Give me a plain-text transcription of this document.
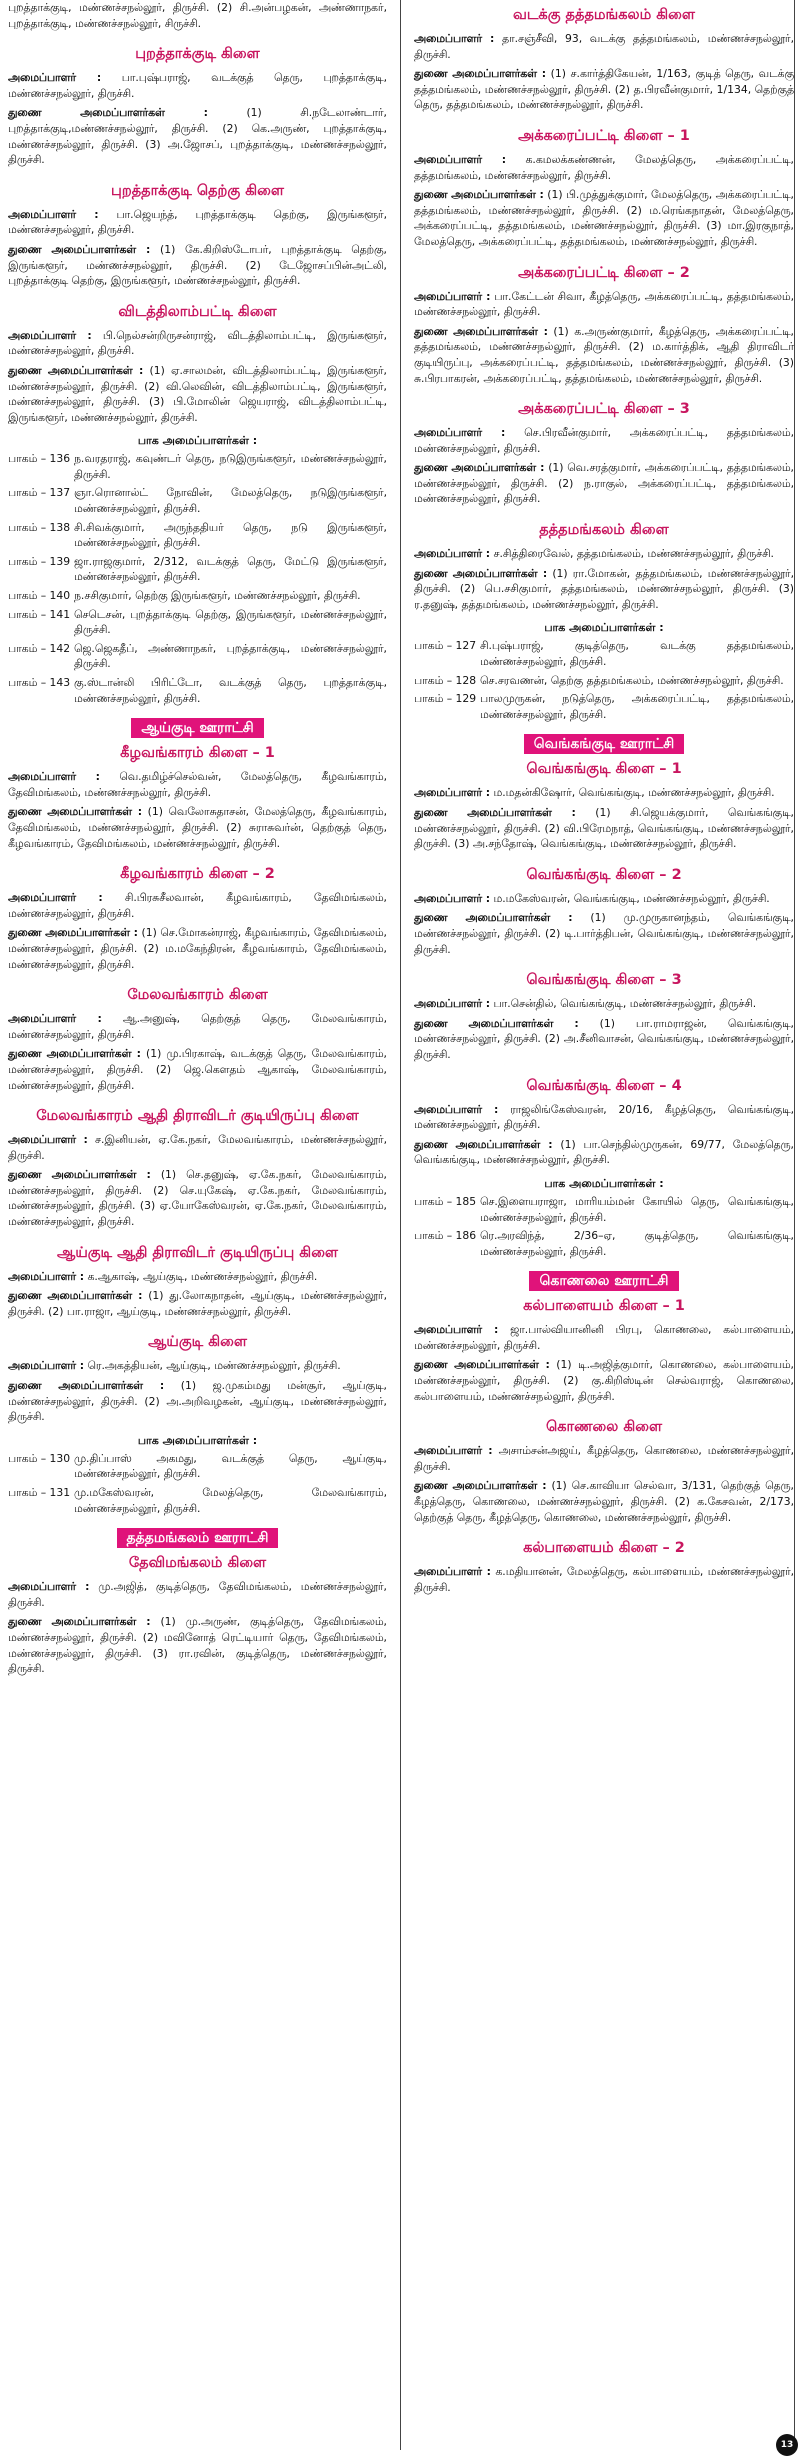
புறத்தாக்குடி, மண்ணச்சநல்லூர், திருச்சி. (2) சி.அன்பழகன், அண்ணாநகர், புறத்தாக்குடி, மண்ணச்சநல்லூர், சிருச்சி.

புறத்தாக்குடி கிளை

அமைப்பாளர் : பா.புஷ்பராஜ், வடக்குத் தெரு, புறத்தாக்குடி, மண்ணச்சநல்லூர், திருச்சி.

துணை அமைப்பாளர்கள் :	(1) சி.நடேலாண்டார், புறத்தாக்குடி,மண்ணச்சநல்லூர், திருச்சி. (2) கெ.அருண், புறத்தாக்குடி, மண்ணச்சநல்லூர், திருச்சி. (3) அ.ஜோசப், புறத்தாக்குடி, மண்ணச்சநல்லூர், திருச்சி.

புறத்தாக்குடி தெற்கு கிளை

அமைப்பாளர் : பா.ஜெயந்த், புறத்தாக்குடி தெற்கு, இருங்களூர், மண்ணச்சநல்லூர், திருச்சி.

துணை அமைப்பாளர்கள் : (1) கே.கிறிஸ்டோபர், புறத்தாக்குடி தெற்கு, இருங்களூர், மண்ணச்சநல்லூர், திருச்சி. (2) டேஜோசப்பின்அட்லி, புறத்தாக்குடி தெற்கு, இருங்களூர், மண்ணச்சநல்லூர், திருச்சி.

விடத்திலாம்பட்டி கிளை

அமைப்பாளர் : பி.நெல்சன்றிருசன்ராஜ், விடத்திலாம்பட்டி, இருங்களூர், மண்ணச்சநல்லூர், திருச்சி.

துணை அமைப்பாளர்கள் : (1) ஏ.சாலமன், விடத்திலாம்பட்டி, இருங்களூர், மண்ணச்சநல்லூர், திருச்சி. (2) வி.லெவின், விடத்திலாம்பட்டி, இருங்களூர், மண்ணச்சநல்லூர், திருச்சி. (3) பி.மோலின் ஜெயராஜ், விடத்திலாம்பட்டி, இருங்களூர், மண்ணச்சநல்லூர், திருச்சி.

பாக அமைப்பாளர்கள் :
பாகம் – 136 ந.வரதராஜ், கவுண்டர் தெரு, நடுஇருங்களூர், மண்ணச்சநல்லூர், திருச்சி.
பாகம் – 137 ஞா.ரொனால்ட் நோவின், மேலத்தெரு, நடுஇருங்களூர், மண்ணச்சநல்லூர், திருச்சி.
பாகம் – 138 சி.சிவக்குமார், அருந்ததியர் தெரு, நடு இருங்களூர், மண்ணச்சநல்லூர், திருச்சி.
பாகம் – 139 ஜா.ராஜகுமார், 2/312, வடக்குத் தெரு, மேட்டு இருங்களூர், மண்ணச்சநல்லூர், திருச்சி.
பாகம் – 140 ந.சசிகுமார், தெற்கு இருங்களூர், மண்ணச்சநல்லூர், திருச்சி.
பாகம் – 141 செடெசன், புறத்தாக்குடி தெற்கு, இருங்களூர், மண்ணச்சநல்லூர், திருச்சி.
பாகம் – 142 ஜெ.ஜெகதீப், அண்ணாநகர், புறத்தாக்குடி, மண்ணச்சநல்லூர், திருச்சி.
பாகம் – 143 கு.ஸ்டான்லி பிரிட்டோ, வடக்குத் தெரு, புறத்தாக்குடி, மண்ணச்சநல்லூர், திருச்சி.
ஆய்குடி ஊராட்சி
கீழவங்காரம் கிளை – 1

அமைப்பாளர் : வெ.தமிழ்ச்செல்வன், மேலத்தெரு, கீழவங்காரம், தேவிமங்கலம், மண்ணச்சநல்லூர், திருச்சி.

துணை அமைப்பாளர்கள் : (1) வெலோசுதாசன், மேலத்தெரு, கீழவங்காரம், தேவிமங்கலம், மண்ணச்சநல்லூர், திருச்சி. (2) சுராசுவர்ன், தெற்குத் தெரு, கீழவங்காரம், தேவிமங்கலம், மண்ணச்சநல்லூர், திருச்சி.

கீழவங்காரம் கிளை – 2

அமைப்பாளர் : சி.பிரசுசீலவான், கீழவங்காரம், தேவிமங்கலம், மண்ணச்சநல்லூர், திருச்சி.

துணை அமைப்பாளர்கள் : (1) செ.மோகன்ராஜ், கீழவங்காரம், தேவிமங்கலம், மண்ணச்சநல்லூர், திருச்சி. (2) ம.மகேந்திரன், கீழவங்காரம், தேவிமங்கலம், மண்ணச்சநல்லூர், திருச்சி.

மேலவங்காரம் கிளை

அமைப்பாளர் : ஆ.அனுஷ், தெற்குத் தெரு, மேலவங்காரம், மண்ணச்சநல்லூர், திருச்சி.

துணை அமைப்பாளர்கள் : (1) மு.பிரகாஷ், வடக்குத் தெரு, மேலவங்காரம், மண்ணச்சநல்லூர், திருச்சி. (2) ஜெ.கௌதம் ஆகாஷ், மேலவங்காரம், மண்ணச்சநல்லூர், திருச்சி.

மேலவங்காரம் ஆதி திராவிடர் குடியிருப்பு கிளை

அமைப்பாளர் : ச.இனியன், ஏ.கே.நகர், மேலவங்காரம், மண்ணச்சநல்லூர், திருச்சி.

துணை அமைப்பாளர்கள் : (1) செ.தனுஷ், ஏ.கே.நகர், மேலவங்காரம், மண்ணச்சநல்லூர், திருச்சி. (2) செ.யுகேஷ், ஏ.கே.நகர், மேலவங்காரம், மண்ணச்சநல்லூர், திருச்சி. (3) ஏ.யோகேஸ்வரன், ஏ.கே.நகர், மேலவங்காரம், மண்ணச்சநல்லூர், திருச்சி.

ஆய்குடி ஆதி திராவிடர் குடியிருப்பு கிளை

அமைப்பாளர் : க.ஆகாஷ், ஆய்குடி, மண்ணச்சநல்லூர், திருச்சி.

துணை அமைப்பாளர்கள் : (1) து.லோகநாதன், ஆய்குடி, மண்ணச்சநல்லூர், திருச்சி. (2) பா.ராஜா, ஆய்குடி, மண்ணச்சநல்லூர், திருச்சி.

ஆய்குடி கிளை

அமைப்பாளர் : ரெ.அகத்தியன், ஆய்குடி, மண்ணச்சநல்லூர், திருச்சி.

துணை அமைப்பாளர்கள் : (1) ஜ.முகம்மது மன்சூர், ஆய்குடி, மண்ணச்சநல்லூர், திருச்சி. (2) அ.அறிவழகன், ஆய்குடி, மண்ணச்சநல்லூர், திருச்சி.

பாக அமைப்பாளர்கள் :
பாகம் – 130 மு.திப்பாஸ் அகமது, வடக்குத் தெரு, ஆய்குடி, மண்ணச்சநல்லூர், திருச்சி.
பாகம் – 131 மு.மகேஸ்வரன், மேலத்தெரு, மேலவங்காரம், மண்ணச்சநல்லூர், திருச்சி.
தத்தமங்கலம் ஊராட்சி
தேவிமங்கலம் கிளை

அமைப்பாளர் : மு.அஜித், குடித்தெரு, தேவிமங்கலம், மண்ணச்சநல்லூர், திருச்சி.

துணை அமைப்பாளர்கள் : (1) மு.அருண், குடித்தெரு, தேவிமங்கலம், மண்ணச்சநல்லூர், திருச்சி. (2) மவினோத் ரெட்டியார் தெரு, தேவிமங்கலம், மண்ணச்சநல்லூர், திருச்சி. (3) ரா.ரவின், குடித்தெரு, மண்ணச்சநல்லூர், திருச்சி.

வடக்கு தத்தமங்கலம் கிளை

அமைப்பாளர் : தா.சஞ்சீவி, 93, வடக்கு தத்தமங்கலம், மண்ணச்சநல்லூர், திருச்சி.

துணை அமைப்பாளர்கள் : (1) ச.கார்த்திகேயன், 1/163, குடித் தெரு, வடக்கு தத்தமங்கலம், மண்ணச்சநல்லூர், திருச்சி. (2) த.பிரவீன்குமார், 1/134, தெற்குத் தெரு, தத்தமங்கலம், மண்ணச்சநல்லூர், திருச்சி.

அக்கரைப்பட்டி கிளை – 1

அமைப்பாளர் : க.கமலக்கண்ணன், மேலத்தெரு, அக்கரைப்பட்டி, தத்தமங்கலம், மண்ணச்சநல்லூர், திருச்சி.

துணை அமைப்பாளர்கள் : (1) பி.முத்துக்குமார், மேலத்தெரு, அக்கரைப்பட்டி, தத்தமங்கலம், மண்ணச்சநல்லூர், திருச்சி. (2) ம.ரெங்கநாதன், மேலத்தெரு, அக்கரைப்பட்டி, தத்தமங்கலம், மண்ணச்சநல்லூர், திருச்சி. (3) மா.இரகுநாத், மேலத்தெரு, அக்கரைப்பட்டி, தத்தமங்கலம், மண்ணச்சநல்லூர், திருச்சி.

அக்கரைப்பட்டி கிளை – 2

அமைப்பாளர் : பா.கேட்டன் சிவா, கீழத்தெரு, அக்கரைப்பட்டி, தத்தமங்கலம், மண்ணச்சநல்லூர், திருச்சி.

துணை அமைப்பாளர்கள் : (1) க.அருண்குமார், கீழத்தெரு, அக்கரைப்பட்டி, தத்தமங்கலம், மண்ணச்சநல்லூர், திருச்சி. (2) ம.கார்த்திக், ஆதி திராவிடர் குடியிருப்பு, அக்கரைப்பட்டி, தத்தமங்கலம், மண்ணச்சநல்லூர், திருச்சி. (3) சு.பிரபாகரன், அக்கரைப்பட்டி, தத்தமங்கலம், மண்ணச்சநல்லூர், திருச்சி.

அக்கரைப்பட்டி கிளை – 3

அமைப்பாளர் : செ.பிரவீன்குமார், அக்கரைப்பட்டி, தத்தமங்கலம், மண்ணச்சநல்லூர், திருச்சி.

துணை அமைப்பாளர்கள் : (1) வெ.சரத்குமார், அக்கரைப்பட்டி, தத்தமங்கலம், மண்ணச்சநல்லூர், திருச்சி. (2) ந.ராகுல், அக்கரைப்பட்டி, தத்தமங்கலம், மண்ணச்சநல்லூர், திருச்சி.

தத்தமங்கலம் கிளை

அமைப்பாளர் : ச.சித்திரைவேல், தத்தமங்கலம், மண்ணச்சநல்லூர், திருச்சி.

துணை அமைப்பாளர்கள் : (1) ரா.மோகன், தத்தமங்கலம், மண்ணச்சநல்லூர், திருச்சி. (2) பெ.சசிகுமார், தத்தமங்கலம், மண்ணச்சநல்லூர், திருச்சி. (3) ர.தனுஷ், தத்தமங்கலம், மண்ணச்சநல்லூர், திருச்சி.

பாக அமைப்பாளர்கள் :
பாகம் – 127 சி.புஷ்பராஜ், குடித்தெரு, வடக்கு தத்தமங்கலம், மண்ணச்சநல்லூர், திருச்சி.
பாகம் – 128 செ.சரவணன், தெற்கு தத்தமங்கலம், மண்ணச்சநல்லூர், திருச்சி.
பாகம் – 129 பாலமுருகன், நடுத்தெரு, அக்கரைப்பட்டி, தத்தமங்கலம், மண்ணச்சநல்லூர், திருச்சி.
வெங்கங்குடி ஊராட்சி
வெங்கங்குடி கிளை – 1

அமைப்பாளர் : ம.மதன்கிஷோர், வெங்கங்குடி, மண்ணச்சநல்லூர், திருச்சி.

துணை அமைப்பாளர்கள் : (1) சி.ஜெயக்குமார், வெங்கங்குடி, மண்ணச்சநல்லூர், திருச்சி. (2) வி.பிரேமநாத், வெங்கங்குடி, மண்ணச்சநல்லூர், திருச்சி. (3) அ.சந்தோஷ், வெங்கங்குடி, மண்ணச்சநல்லூர், திருச்சி.

வெங்கங்குடி கிளை – 2

அமைப்பாளர் : ம.மகேஸ்வரன், வெங்கங்குடி, மண்ணச்சநல்லூர், திருச்சி.

துணை அமைப்பாளர்கள் : (1) மு.முருகானந்தம், வெங்கங்குடி, மண்ணச்சநல்லூர், திருச்சி. (2) டி.பார்த்திபன், வெங்கங்குடி, மண்ணச்சநல்லூர், திருச்சி.

வெங்கங்குடி கிளை – 3

அமைப்பாளர் : பா.சென்தில், வெங்கங்குடி, மண்ணச்சநல்லூர், திருச்சி.

துணை அமைப்பாளர்கள் : (1) பா.ராமராஜன், வெங்கங்குடி, மண்ணச்சநல்லூர், திருச்சி. (2) அ.சீனிவாசன், வெங்கங்குடி, மண்ணச்சநல்லூர், திருச்சி.

வெங்கங்குடி கிளை – 4

அமைப்பாளர் : ராஜலிங்கேஸ்வரன், 20/16, கீழத்தெரு, வெங்கங்குடி, மண்ணச்சநல்லூர், திருச்சி.

துணை அமைப்பாளர்கள் : (1) பா.செந்தில்முருகன், 69/77, மேலத்தெரு, வெங்கங்குடி, மண்ணச்சநல்லூர், திருச்சி.

பாக அமைப்பாளர்கள் :
பாகம் – 185 செ.இளையராஜா, மாரியம்மன் கோயில் தெரு, வெங்கங்குடி, மண்ணச்சநல்லூர், திருச்சி.
பாகம் – 186 ரெ.அரவிந்த், 2/36–ஏ, குடித்தெரு, வெங்கங்குடி, மண்ணச்சநல்லூர், திருச்சி.
கொணலை ஊராட்சி
கல்பாளையம் கிளை – 1

அமைப்பாளர் : ஜா.பால்வியானினி பிரபு, கொணலை, கல்பாளையம், மண்ணச்சநல்லூர், திருச்சி.

துணை அமைப்பாளர்கள் : (1) டி.அஜித்குமார், கொணலை, கல்பாளையம், மண்ணச்சநல்லூர், திருச்சி. (2) கு.கிறிஸ்டின் செல்வராஜ், கொணலை, கல்பாளையம், மண்ணச்சநல்லூர், திருச்சி.

கொணலை கிளை

அமைப்பாளர் : அசாம்சன்அஜய், கீழத்தெரு, கொணலை, மண்ணச்சநல்லூர், திருச்சி.

துணை அமைப்பாளர்கள் : (1) செ.காவியா செல்வா, 3/131, தெற்குத் தெரு, கீழத்தெரு, கொணலை, மண்ணச்சநல்லூர், திருச்சி. (2) க.கேசவன், 2/173, தெற்குத் தெரு, கீழத்தெரு, கொணலை, மண்ணச்சநல்லூர், திருச்சி.

கல்பாளையம் கிளை – 2

அமைப்பாளர் : க.மதியானன், மேலத்தெரு, கல்பாளையம், மண்ணச்சநல்லூர், திருச்சி.

13
